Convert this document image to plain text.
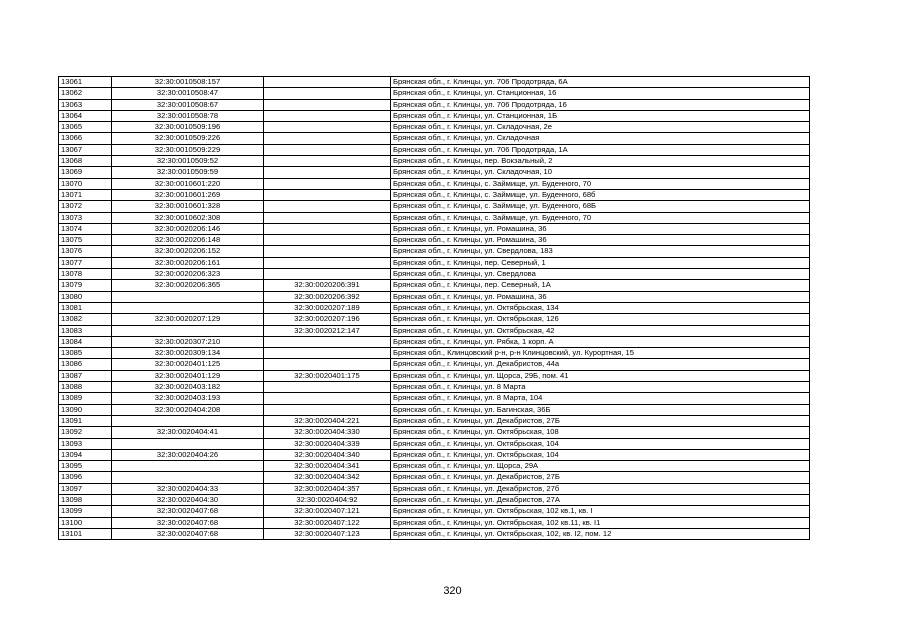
13061	32:30:0010508:157		Брянская обл., г. Клинцы, ул. 706 Продотряда, 6А
13062	32:30:0010508:47		Брянская обл., г. Клинцы, ул. Станционная, 16
13063	32:30:0010508:67		Брянская обл., г. Клинцы, ул. 706 Продотряда, 16
13064	32:30:0010508:78		Брянская обл., г. Клинцы, ул. Станционная, 1Б
13065	32:30:0010509:196		Брянская обл., г. Клинцы, ул. Складочная, 2е
13066	32:30:0010509:226		Брянская обл., г. Клинцы, ул. Складочная
13067	32:30:0010509:229		Брянская обл., г. Клинцы, ул. 706 Продотряда, 1А
13068	32:30:0010509:52		Брянская обл., г. Клинцы, пер. Вокзальный, 2
13069	32:30:0010509:59		Брянская обл., г. Клинцы, ул. Складочная, 10
13070	32:30:0010601:220		Брянская обл., г. Клинцы, с. Займище, ул. Буденного, 70
13071	32:30:0010601:269		Брянская обл., г. Клинцы, с. Займище, ул. Буденного, 68б
13072	32:30:0010601:328		Брянская обл., г. Клинцы, с. Займище, ул. Буденного, 68Б
13073	32:30:0010602:308		Брянская обл., г. Клинцы, с. Займище, ул. Буденного, 70
13074	32:30:0020206:146		Брянская обл., г. Клинцы, ул. Ромашина, 36
13075	32:30:0020206:148		Брянская обл., г. Клинцы, ул. Ромашина, 36
13076	32:30:0020206:152		Брянская обл., г. Клинцы, ул. Свердлова, 183
13077	32:30:0020206:161		Брянская обл., г. Клинцы, пер. Северный, 1
13078	32:30:0020206:323		Брянская обл., г. Клинцы, ул. Свердлова
13079	32:30:0020206:365	32:30:0020206:391	Брянская обл., г. Клинцы, пер. Северный, 1А
13080		32:30:0020206:392	Брянская обл., г. Клинцы, ул. Ромашина, 36
13081		32:30:0020207:189	Брянская обл., г. Клинцы, ул. Октябрьская, 134
13082	32:30:0020207:129	32:30:0020207:196	Брянская обл., г. Клинцы, ул. Октябрьская, 126
13083		32:30:0020212:147	Брянская обл., г. Клинцы, ул. Октябрьская, 42
13084	32:30:0020307:210		Брянская обл., г. Клинцы, ул. Рябка, 1 корп. А
13085	32:30:0020309:134		Брянская обл., Клинцовский р-н, р-н Клинцовский, ул. Курортная, 15
13086	32:30:0020401:125		Брянская обл., г. Клинцы, ул. Декабристов, 44а
13087	32:30:0020401:129	32:30:0020401:175	Брянская обл., г. Клинцы, ул. Щорса, 29Б, пом. 41
13088	32:30:0020403:182		Брянская обл., г. Клинцы, ул. 8 Марта
13089	32:30:0020403:193		Брянская обл., г. Клинцы, ул. 8 Марта, 104
13090	32:30:0020404:208		Брянская обл., г. Клинцы, ул. Багинская, 36Б
13091		32:30:0020404:221	Брянская обл., г. Клинцы, ул. Декабристов, 27Б
13092	32:30:0020404:41	32:30:0020404:330	Брянская обл., г. Клинцы, ул. Октябрьская, 108
13093		32:30:0020404:339	Брянская обл., г. Клинцы, ул. Октябрьская, 104
13094	32:30:0020404:26	32:30:0020404:340	Брянская обл., г. Клинцы, ул. Октябрьская, 104
13095		32:30:0020404:341	Брянская обл., г. Клинцы, ул. Щорса, 29А
13096		32:30:0020404:342	Брянская обл., г. Клинцы, ул. Декабристов, 27Б
13097	32:30:0020404:33	32:30:0020404:357	Брянская обл., г. Клинцы, ул. Декабристов, 27б
13098	32:30:0020404:30	32:30:0020404:92	Брянская обл., г. Клинцы, ул. Декабристов, 27А
13099	32:30:0020407:68	32:30:0020407:121	Брянская обл., г. Клинцы, ул. Октябрьская, 102 кв.1, кв. I
13100	32:30:0020407:68	32:30:0020407:122	Брянская обл., г. Клинцы, ул. Октябрьская, 102 кв.11, кв. I1
13101	32:30:0020407:68	32:30:0020407:123	Брянская обл., г. Клинцы, ул. Октябрьская, 102, кв. I2, пом. 12
320
